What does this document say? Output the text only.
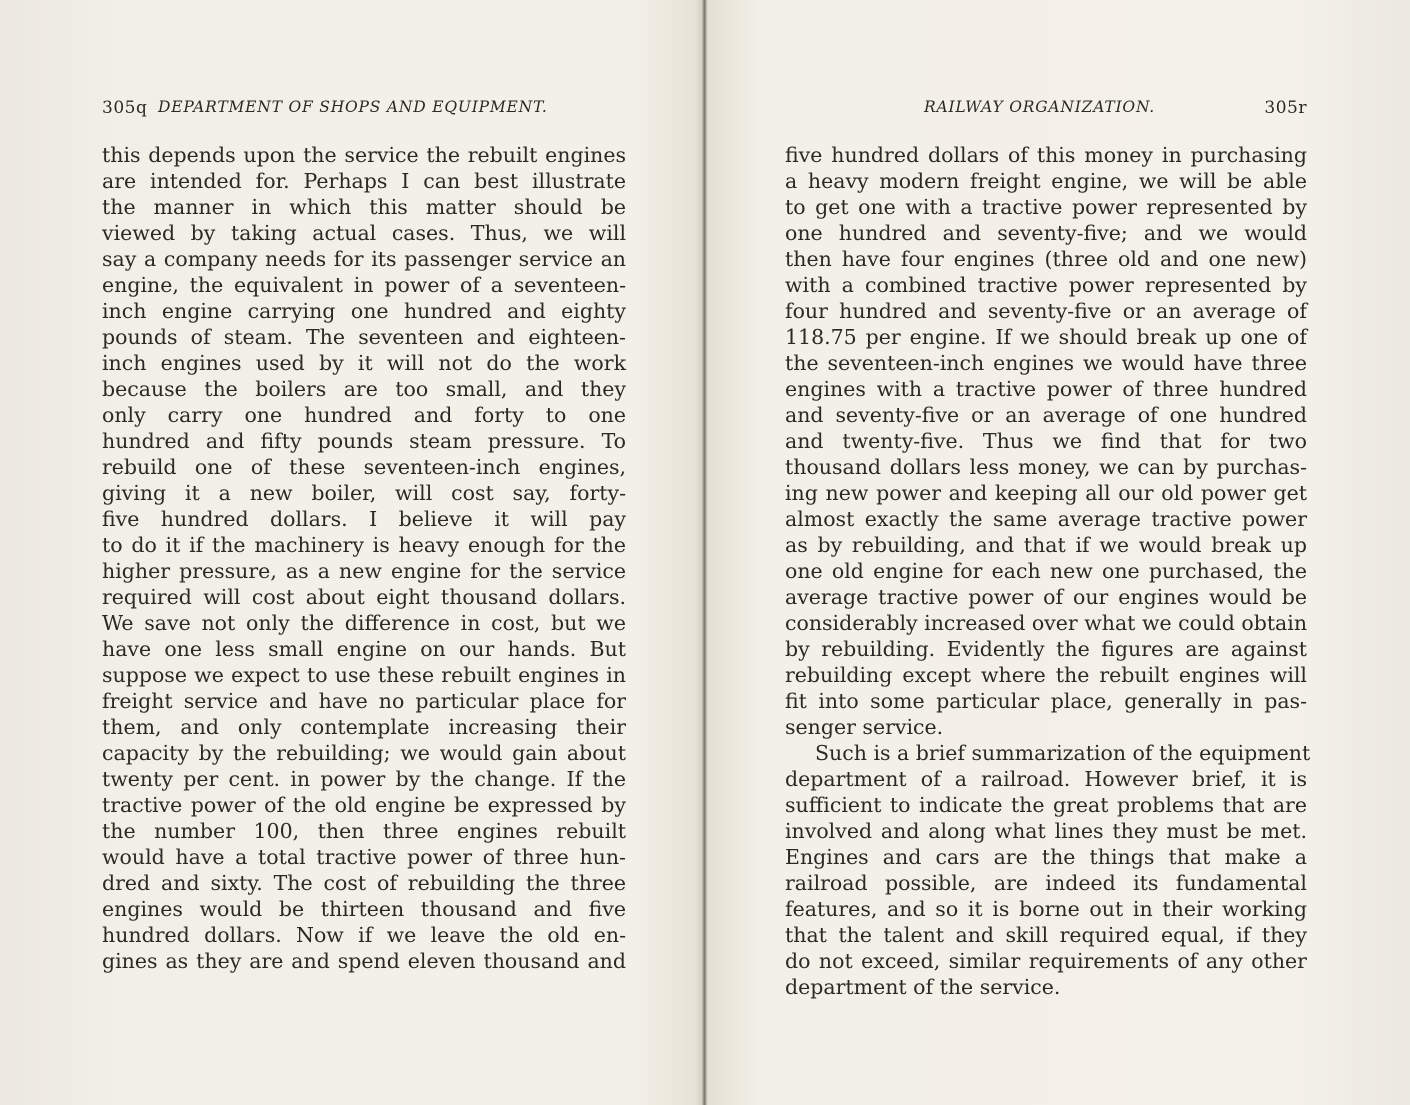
305q DEPARTMENT OF SHOPS AND EQUIPMENT.
this depends upon the service the rebuilt engines
are intended for. Perhaps I can best illustrate
the manner in which this matter should be
viewed by taking actual cases. Thus, we will
say a company needs for its passenger service an
engine, the equivalent in power of a seventeen-
inch engine carrying one hundred and eighty
pounds of steam. The seventeen and eighteen-
inch engines used by it will not do the work
because the boilers are too small, and they
only carry one hundred and forty to one
hundred and fifty pounds steam pressure. To
rebuild one of these seventeen-inch engines,
giving it a new boiler, will cost say, forty-
five hundred dollars. I believe it will pay
to do it if the machinery is heavy enough for the
higher pressure, as a new engine for the service
required will cost about eight thousand dollars.
We save not only the difference in cost, but we
have one less small engine on our hands. But
suppose we expect to use these rebuilt engines in
freight service and have no particular place for
them, and only contemplate increasing their
capacity by the rebuilding; we would gain about
twenty per cent. in power by the change. If the
tractive power of the old engine be expressed by
the number 100, then three engines rebuilt
would have a total tractive power of three hun-
dred and sixty. The cost of rebuilding the three
engines would be thirteen thousand and five
hundred dollars. Now if we leave the old en-
gines as they are and spend eleven thousand and
RAILWAY ORGANIZATION.	305r
five hundred dollars of this money in purchasing
a heavy modern freight engine, we will be able
to get one with a tractive power represented by
one hundred and seventy-five; and we would
then have four engines (three old and one new)
with a combined tractive power represented by
four hundred and seventy-five or an average of
118.75 per engine. If we should break up one of
the seventeen-inch engines we would have three
engines with a tractive power of three hundred
and seventy-five or an average of one hundred
and twenty-five. Thus we find that for two
thousand dollars less money, we can by purchas-
ing new power and keeping all our old power get
almost exactly the same average tractive power
as by rebuilding, and that if we would break up
one old engine for each new one purchased, the
average tractive power of our engines would be
considerably increased over what we could obtain
by rebuilding. Evidently the figures are against
rebuilding except where the rebuilt engines will
fit into some particular place, generally in pas-
senger service.
Such is a brief summarization of the equipment
department of a railroad. However brief, it is
sufficient to indicate the great problems that are
involved and along what lines they must be met.
Engines and cars are the things that make a
railroad possible, are indeed its fundamental
features, and so it is borne out in their working
that the talent and skill required equal, if they
do not exceed, similar requirements of any other
department of the service.
